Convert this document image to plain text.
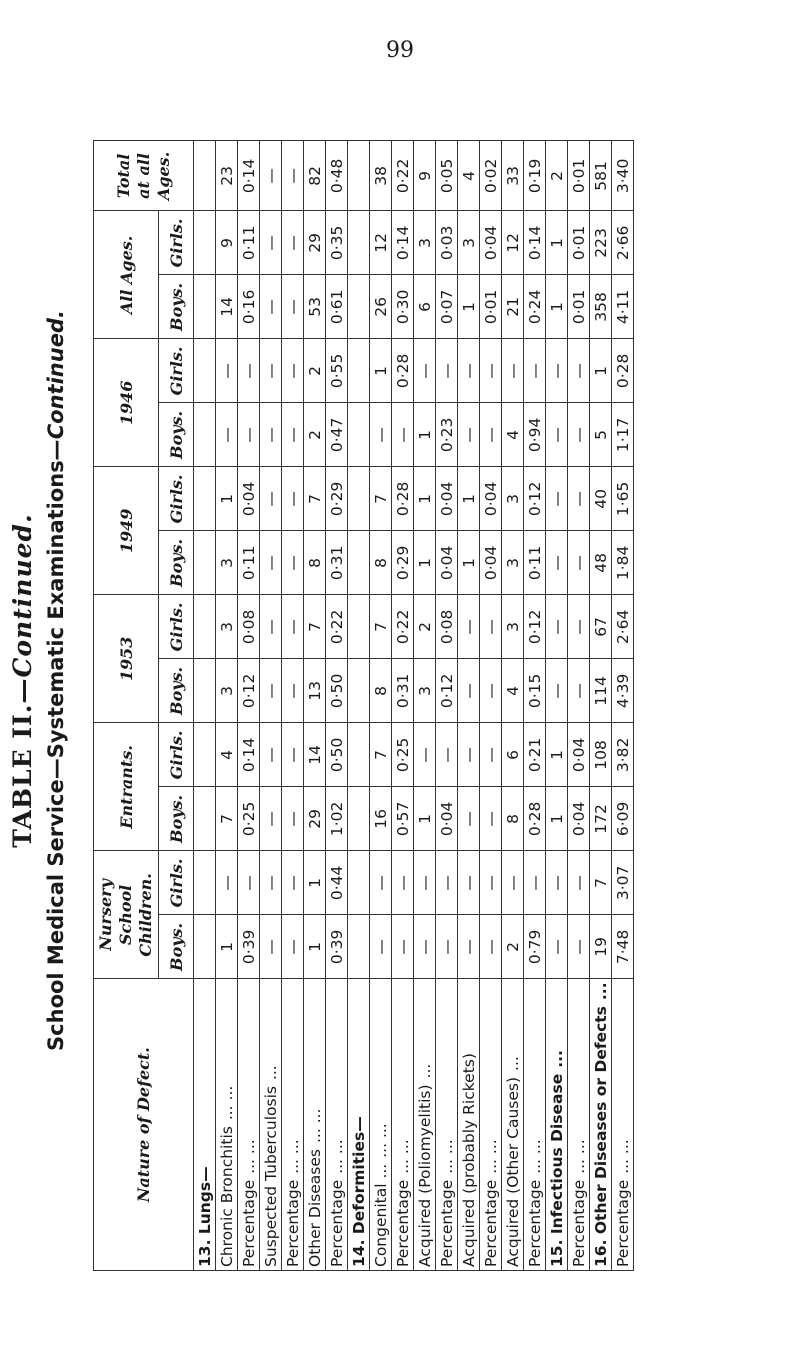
99
TABLE II.—Continued. School Medical Service—Systematic Examinations—Continued.
Nature of Defect.	Nursery School Children.		Entrants.		1953		1949		1946		All Ages.		Total at all Ages.
	Boys.	Girls.	Boys.	Girls.	Boys.	Girls.	Boys.	Girls.	Boys.	Girls.	Boys.	Girls.	
13. Lungs—													
Chronic Bronchitis... ...	1	—	7	4	3	3	3	1	—	—	14	9	23
Percentage... ...	0·39	—	0·25	0·14	0·12	0·08	0·11	0·04	—	—	0·16	0·11	0·14
Suspected Tuberculosis...	—	—	—	—	—	—	—	—	—	—	—	—	—
Percentage... ...	—	—	—	—	—	—	—	—	—	—	—	—	—
Other Diseases... ...	1	1	29	14	13	7	8	7	2	2	53	29	82
Percentage... ...	0·39	0·44	1·02	0·50	0·50	0·22	0·31	0·29	0·47	0·55	0·61	0·35	0·48
14. Deformities—													
Congenital ...... ...	—	—	16	7	8	7	8	7	—	1	26	12	38
Percentage... ...	—	—	0·57	0·25	0·31	0·22	0·29	0·28	—	0·28	0·30	0·14	0·22
Acquired (Poliomyelitis)...	—	—	1	—	3	2	1	1	1	—	6	3	9
Percentage... ...	—	—	0·04	—	0·12	0·08	0·04	0·04	0·23	—	0·07	0·03	0·05
Acquired (probably Rickets)	—	—	—	—	—	—	1	1	—	—	1	3	4
Percentage... ...	—	—	—	—	—	—	0·04	0·04	—	—	0·01	0·04	0·02
Acquired (Other Causes)...	2	—	8	6	4	3	3	3	4	—	21	12	33
Percentage... ...	0·79	—	0·28	0·21	0·15	0·12	0·11	0·12	0·94	—	0·24	0·14	0·19
15. Infectious Disease...	—	—	1	1	—	—	—	—	—	—	1	1	2
Percentage... ...	—	—	0·04	0·04	—	—	—	—	—	—	0·01	0·01	0·01
16. Other Diseases or Defects...	19	7	172	108	114	67	48	40	5	1	358	223	581
Percentage... ...	7·48	3·07	6·09	3·82	4·39	2·64	1·84	1·65	1·17	0·28	4·11	2·66	3·40
